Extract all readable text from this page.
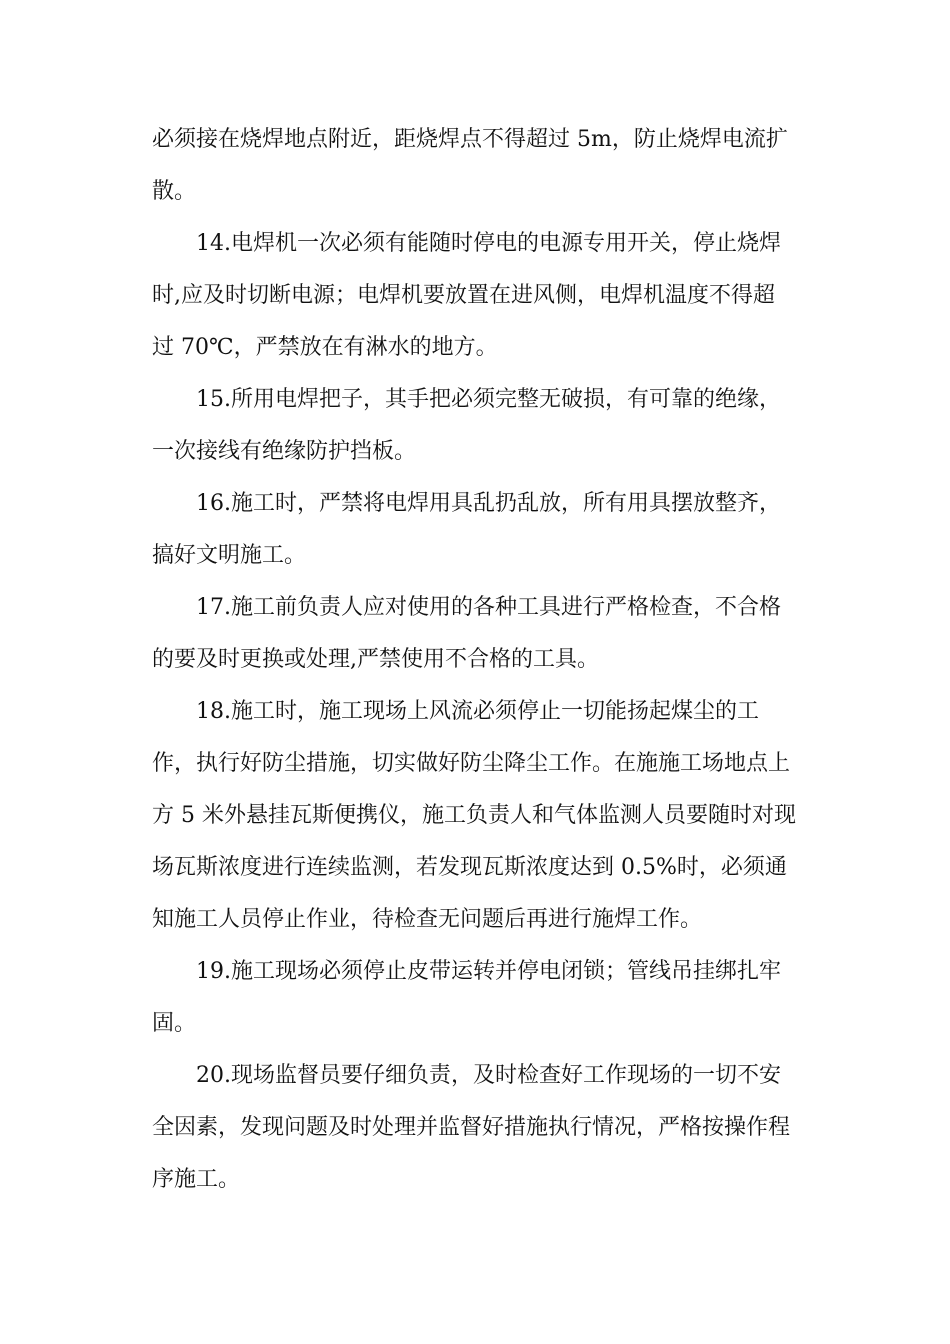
必须接在烧焊地点附近，距烧焊点不得超过 5m，防止烧焊电流扩
散。

14.电焊机一次必须有能随时停电的电源专用开关，停止烧焊
时,应及时切断电源；电焊机要放置在进风侧，电焊机温度不得超
过 70℃，严禁放在有淋水的地方。

15.所用电焊把子，其手把必须完整无破损，有可靠的绝缘，
一次接线有绝缘防护挡板。

16.施工时，严禁将电焊用具乱扔乱放，所有用具摆放整齐，
搞好文明施工。

17.施工前负责人应对使用的各种工具进行严格检查，不合格
的要及时更换或处理,严禁使用不合格的工具。

18.施工时，施工现场上风流必须停止一切能扬起煤尘的工
作，执行好防尘措施，切实做好防尘降尘工作。在施施工场地点上
方 5 米外悬挂瓦斯便携仪，施工负责人和气体监测人员要随时对现
场瓦斯浓度进行连续监测，若发现瓦斯浓度达到 0.5%时，必须通
知施工人员停止作业，待检查无问题后再进行施焊工作。

19.施工现场必须停止皮带运转并停电闭锁；管线吊挂绑扎牢
固。

20.现场监督员要仔细负责，及时检查好工作现场的一切不安
全因素，发现问题及时处理并监督好措施执行情况，严格按操作程
序施工。
